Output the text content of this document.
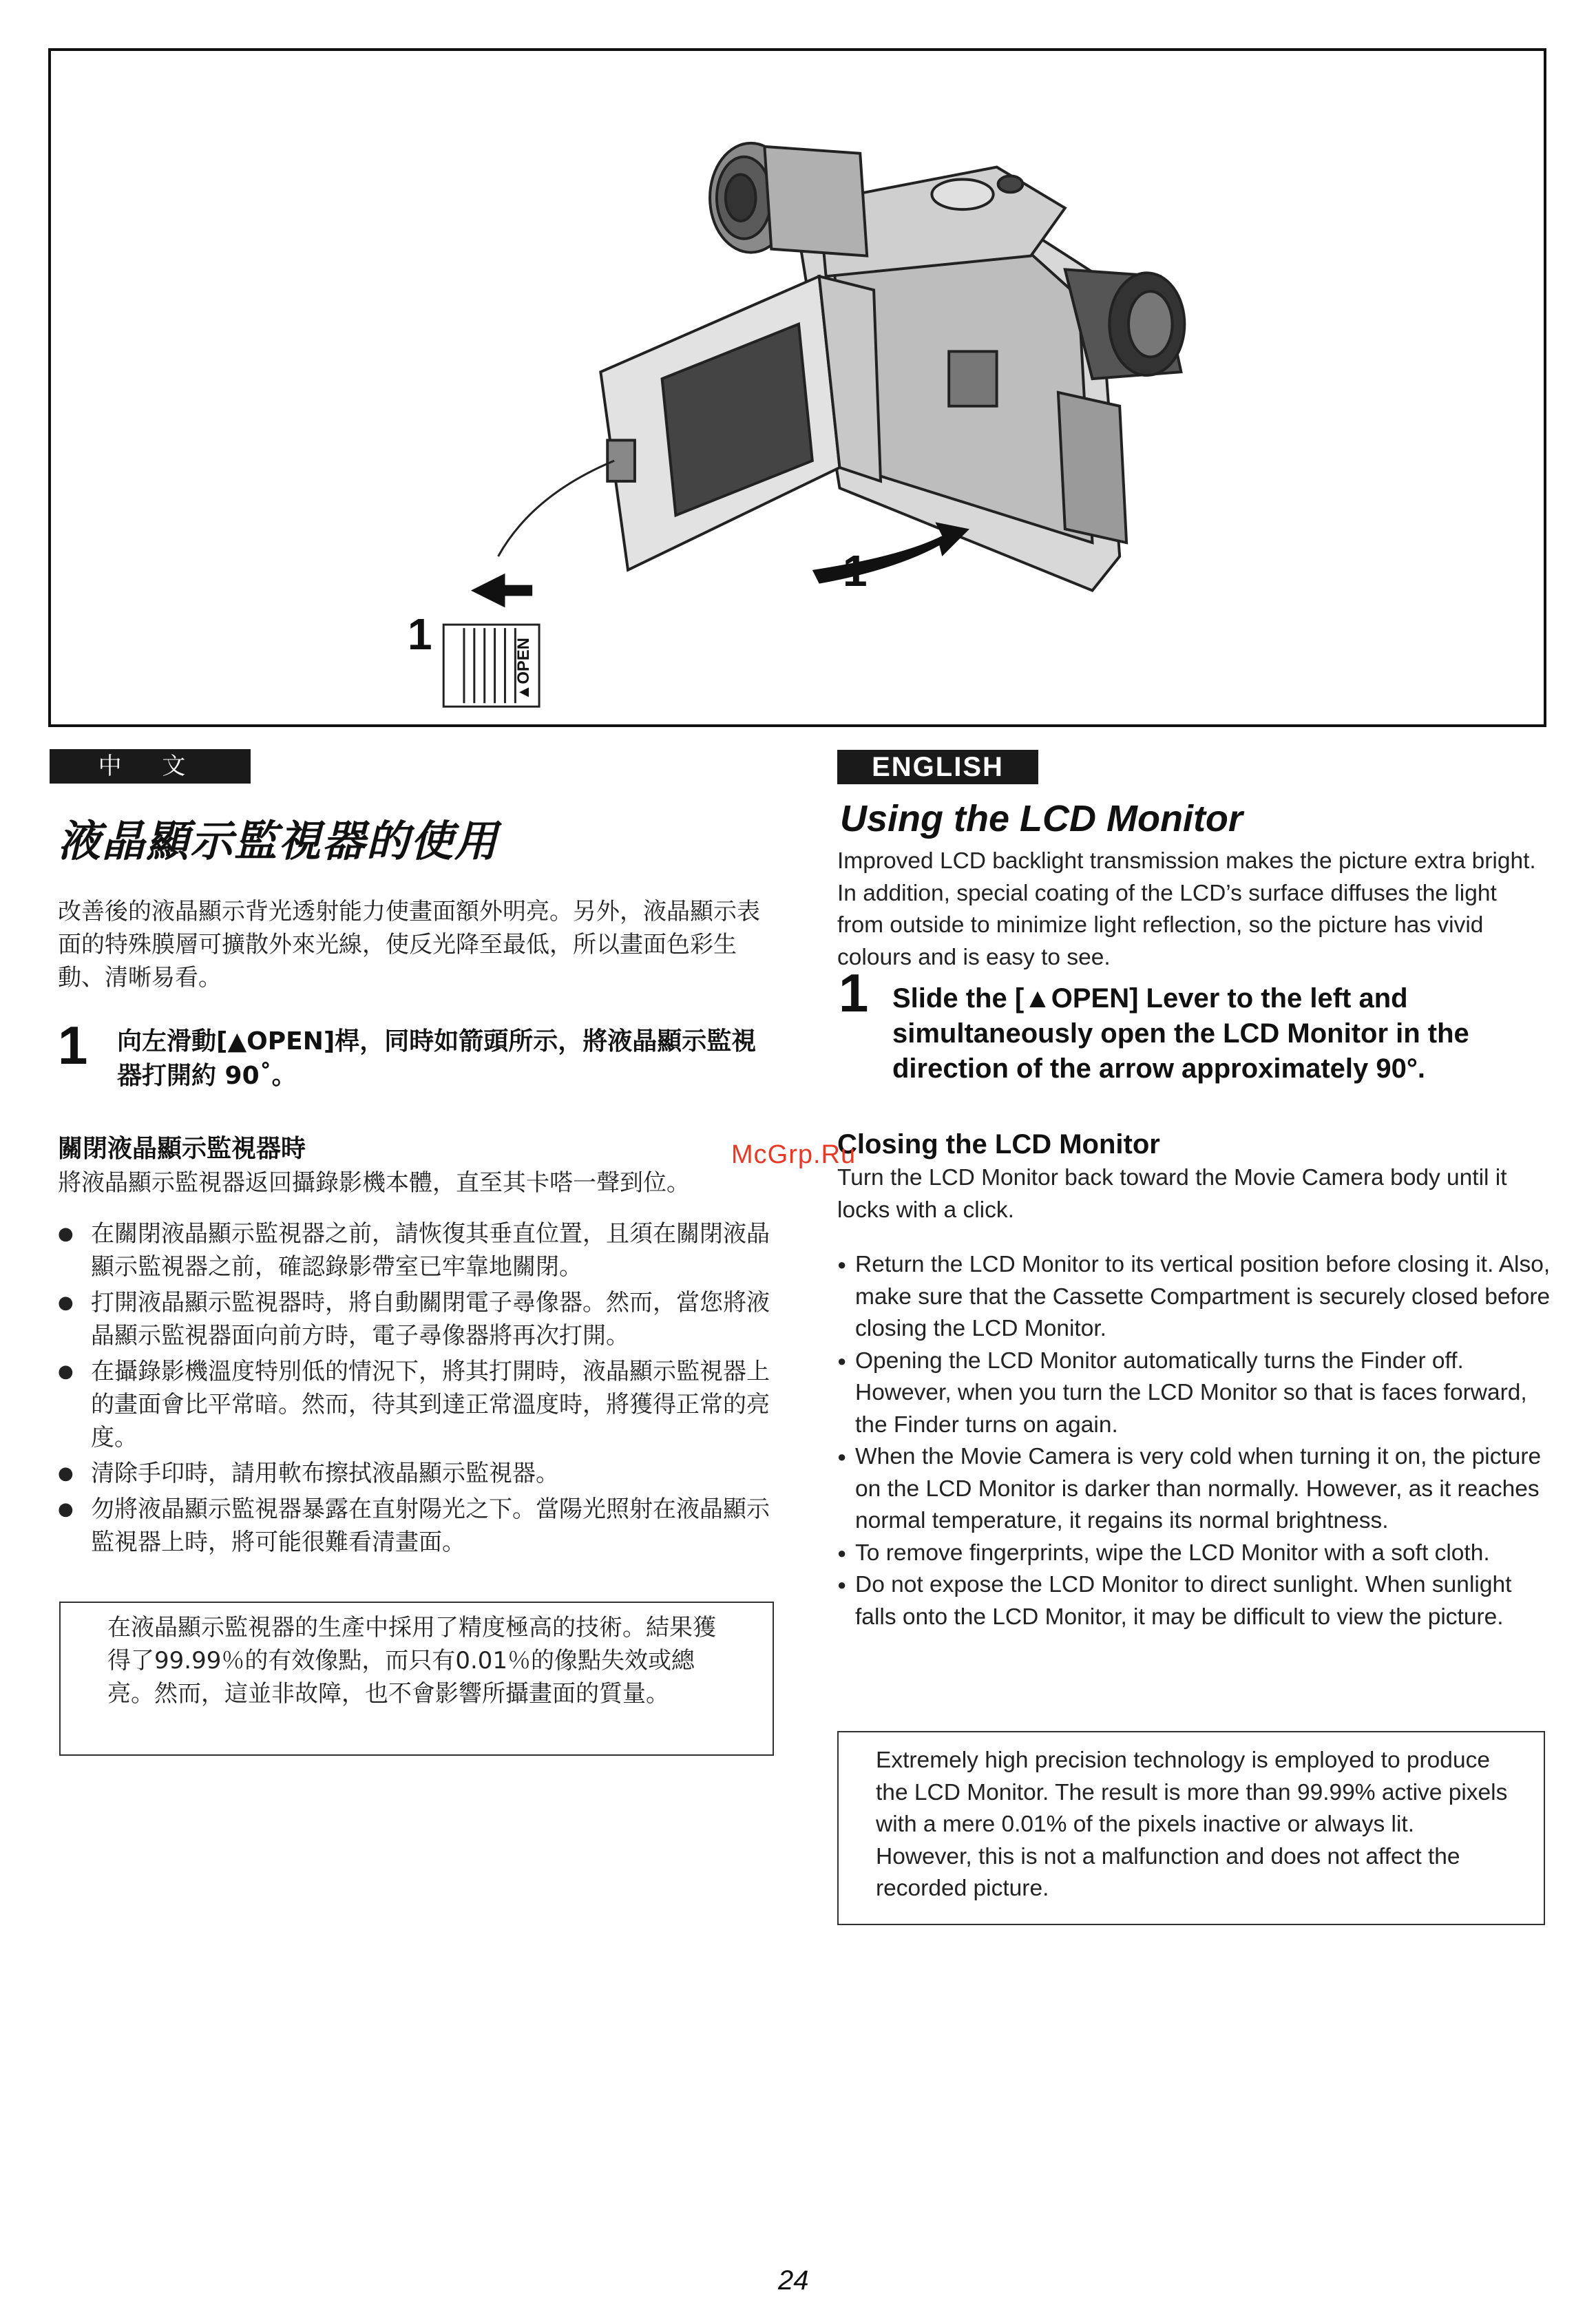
▲OPEN
1
1
中 文
液晶顯示監視器的使用
改善後的液晶顯示背光透射能力使畫面額外明亮。另外，液晶顯示表面的特殊膜層可擴散外來光線，使反光降至最低，所以畫面色彩生動、清晰易看。
1 向左滑動[▲OPEN]桿，同時如箭頭所示，將液晶顯示監視器打開約 90˚。
關閉液晶顯示監視器時
將液晶顯示監視器返回攝錄影機本體，直至其卡嗒一聲到位。
● 在關閉液晶顯示監視器之前，請恢復其垂直位置，且須在關閉液晶顯示監視器之前，確認錄影帶室已牢靠地關閉。
● 打開液晶顯示監視器時，將自動關閉電子尋像器。然而，當您將液晶顯示監視器面向前方時，電子尋像器將再次打開。
● 在攝錄影機溫度特別低的情況下，將其打開時，液晶顯示監視器上的畫面會比平常暗。然而，待其到達正常溫度時，將獲得正常的亮度。
● 清除手印時，請用軟布擦拭液晶顯示監視器。
● 勿將液晶顯示監視器暴露在直射陽光之下。當陽光照射在液晶顯示監視器上時，將可能很難看清畫面。
在液晶顯示監視器的生產中採用了精度極高的技術。結果獲得了99.99％的有效像點，而只有0.01％的像點失效或總亮。然而，這並非故障，也不會影響所攝畫面的質量。
ENGLISH
Using the LCD Monitor
Improved LCD backlight transmission makes the picture extra bright. In addition, special coating of the LCD’s surface diffuses the light from outside to minimize light reflection, so the picture has vivid colours and is easy to see.
1 Slide the [▲OPEN] Lever to the left and simultaneously open the LCD Monitor in the direction of the arrow approximately 90°.
Closing the LCD Monitor
Turn the LCD Monitor back toward the Movie Camera body until it locks with a click.
● Return the LCD Monitor to its vertical position before closing it. Also, make sure that the Cassette Compartment is securely closed before closing the LCD Monitor.
● Opening the LCD Monitor automatically turns the Finder off. However, when you turn the LCD Monitor so that is faces forward, the Finder turns on again.
● When the Movie Camera is very cold when turning it on, the picture on the LCD Monitor is darker than normally. However, as it reaches normal temperature, it regains its normal brightness.
● To remove fingerprints, wipe the LCD Monitor with a soft cloth.
● Do not expose the LCD Monitor to direct sunlight. When sunlight falls onto the LCD Monitor, it may be difficult to view the picture.
Extremely high precision technology is employed to produce the LCD Monitor. The result is more than 99.99% active pixels with a mere 0.01% of the pixels inactive or always lit. However, this is not a malfunction and does not affect the recorded picture.
McGrp.Ru
24
